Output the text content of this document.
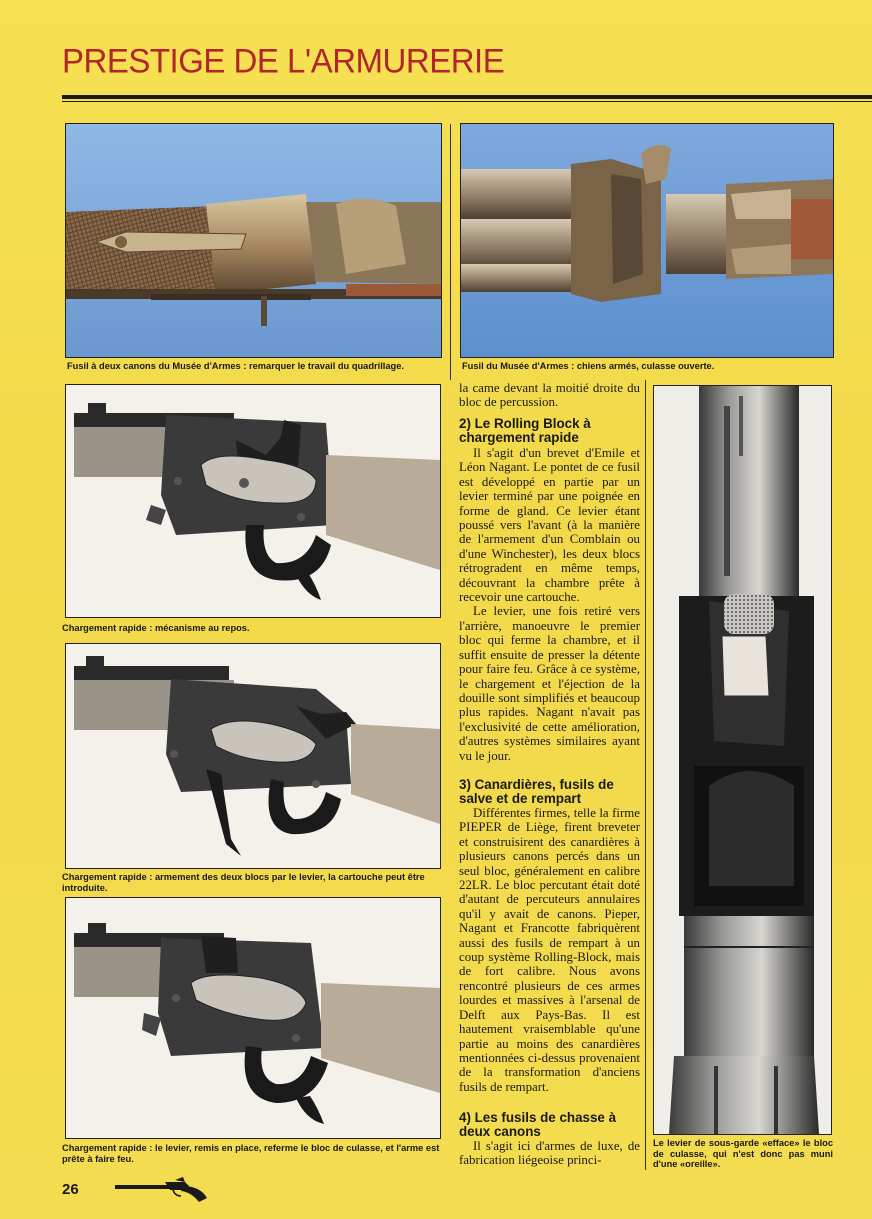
PRESTIGE DE L'ARMURERIE
Fusil à deux canons du Musée d'Armes : remarquer le travail du quadrillage.	Fusil du Musée d'Armes : chiens armés, culasse ouverte.
Chargement rapide : mécanisme au repos.
Chargement rapide : armement des deux blocs par le levier, la cartouche peut être introduite.
Chargement rapide : le levier, remis en place, referme le bloc de culasse, et l'arme est prête à faire feu.
Le levier de sous-garde «efface» le bloc de culasse, qui n'est donc pas muni d'une «oreille».

la came devant la moitié droite du bloc de percussion.

2) Le Rolling Block à chargement rapide

Il s'agit d'un brevet d'Emile et Léon Nagant. Le pontet de ce fusil est développé en partie par un levier terminé par une poignée en forme de gland. Ce levier étant poussé vers l'avant (à la manière de l'armement d'un Comblain ou d'une Winchester), les deux blocs rétrogradent en même temps, découvrant la chambre prête à recevoir une cartouche.

Le levier, une fois retiré vers l'arrière, manoeuvre le premier bloc qui ferme la chambre, et il suffit ensuite de presser la détente pour faire feu. Grâce à ce système, le chargement et l'éjection de la douille sont simplifiés et beaucoup plus rapides. Nagant n'avait pas l'exclusivité de cette amélioration, d'autres systèmes similaires ayant vu le jour.

3) Canardières, fusils de salve et de rempart

Différentes firmes, telle la firme PIEPER de Liège, firent breveter et construisirent des canardières à plusieurs canons percés dans un seul bloc, généralement en calibre 22LR. Le bloc percutant était doté d'autant de percuteurs annulaires qu'il y avait de canons. Pieper, Nagant et Francotte fabriquèrent aussi des fusils de rempart à un coup système Rolling-Block, mais de fort calibre. Nous avons rencontré plusieurs de ces armes lourdes et massives à l'arsenal de Delft aux Pays-Bas. Il est hautement vraisemblable qu'une partie au moins des canardières mentionnées ci-dessus provenaient de la transformation d'anciens fusils de rempart.

4) Les fusils de chasse à deux canons

Il s'agit ici d'armes de luxe, de fabrication liégeoise princi-

26
